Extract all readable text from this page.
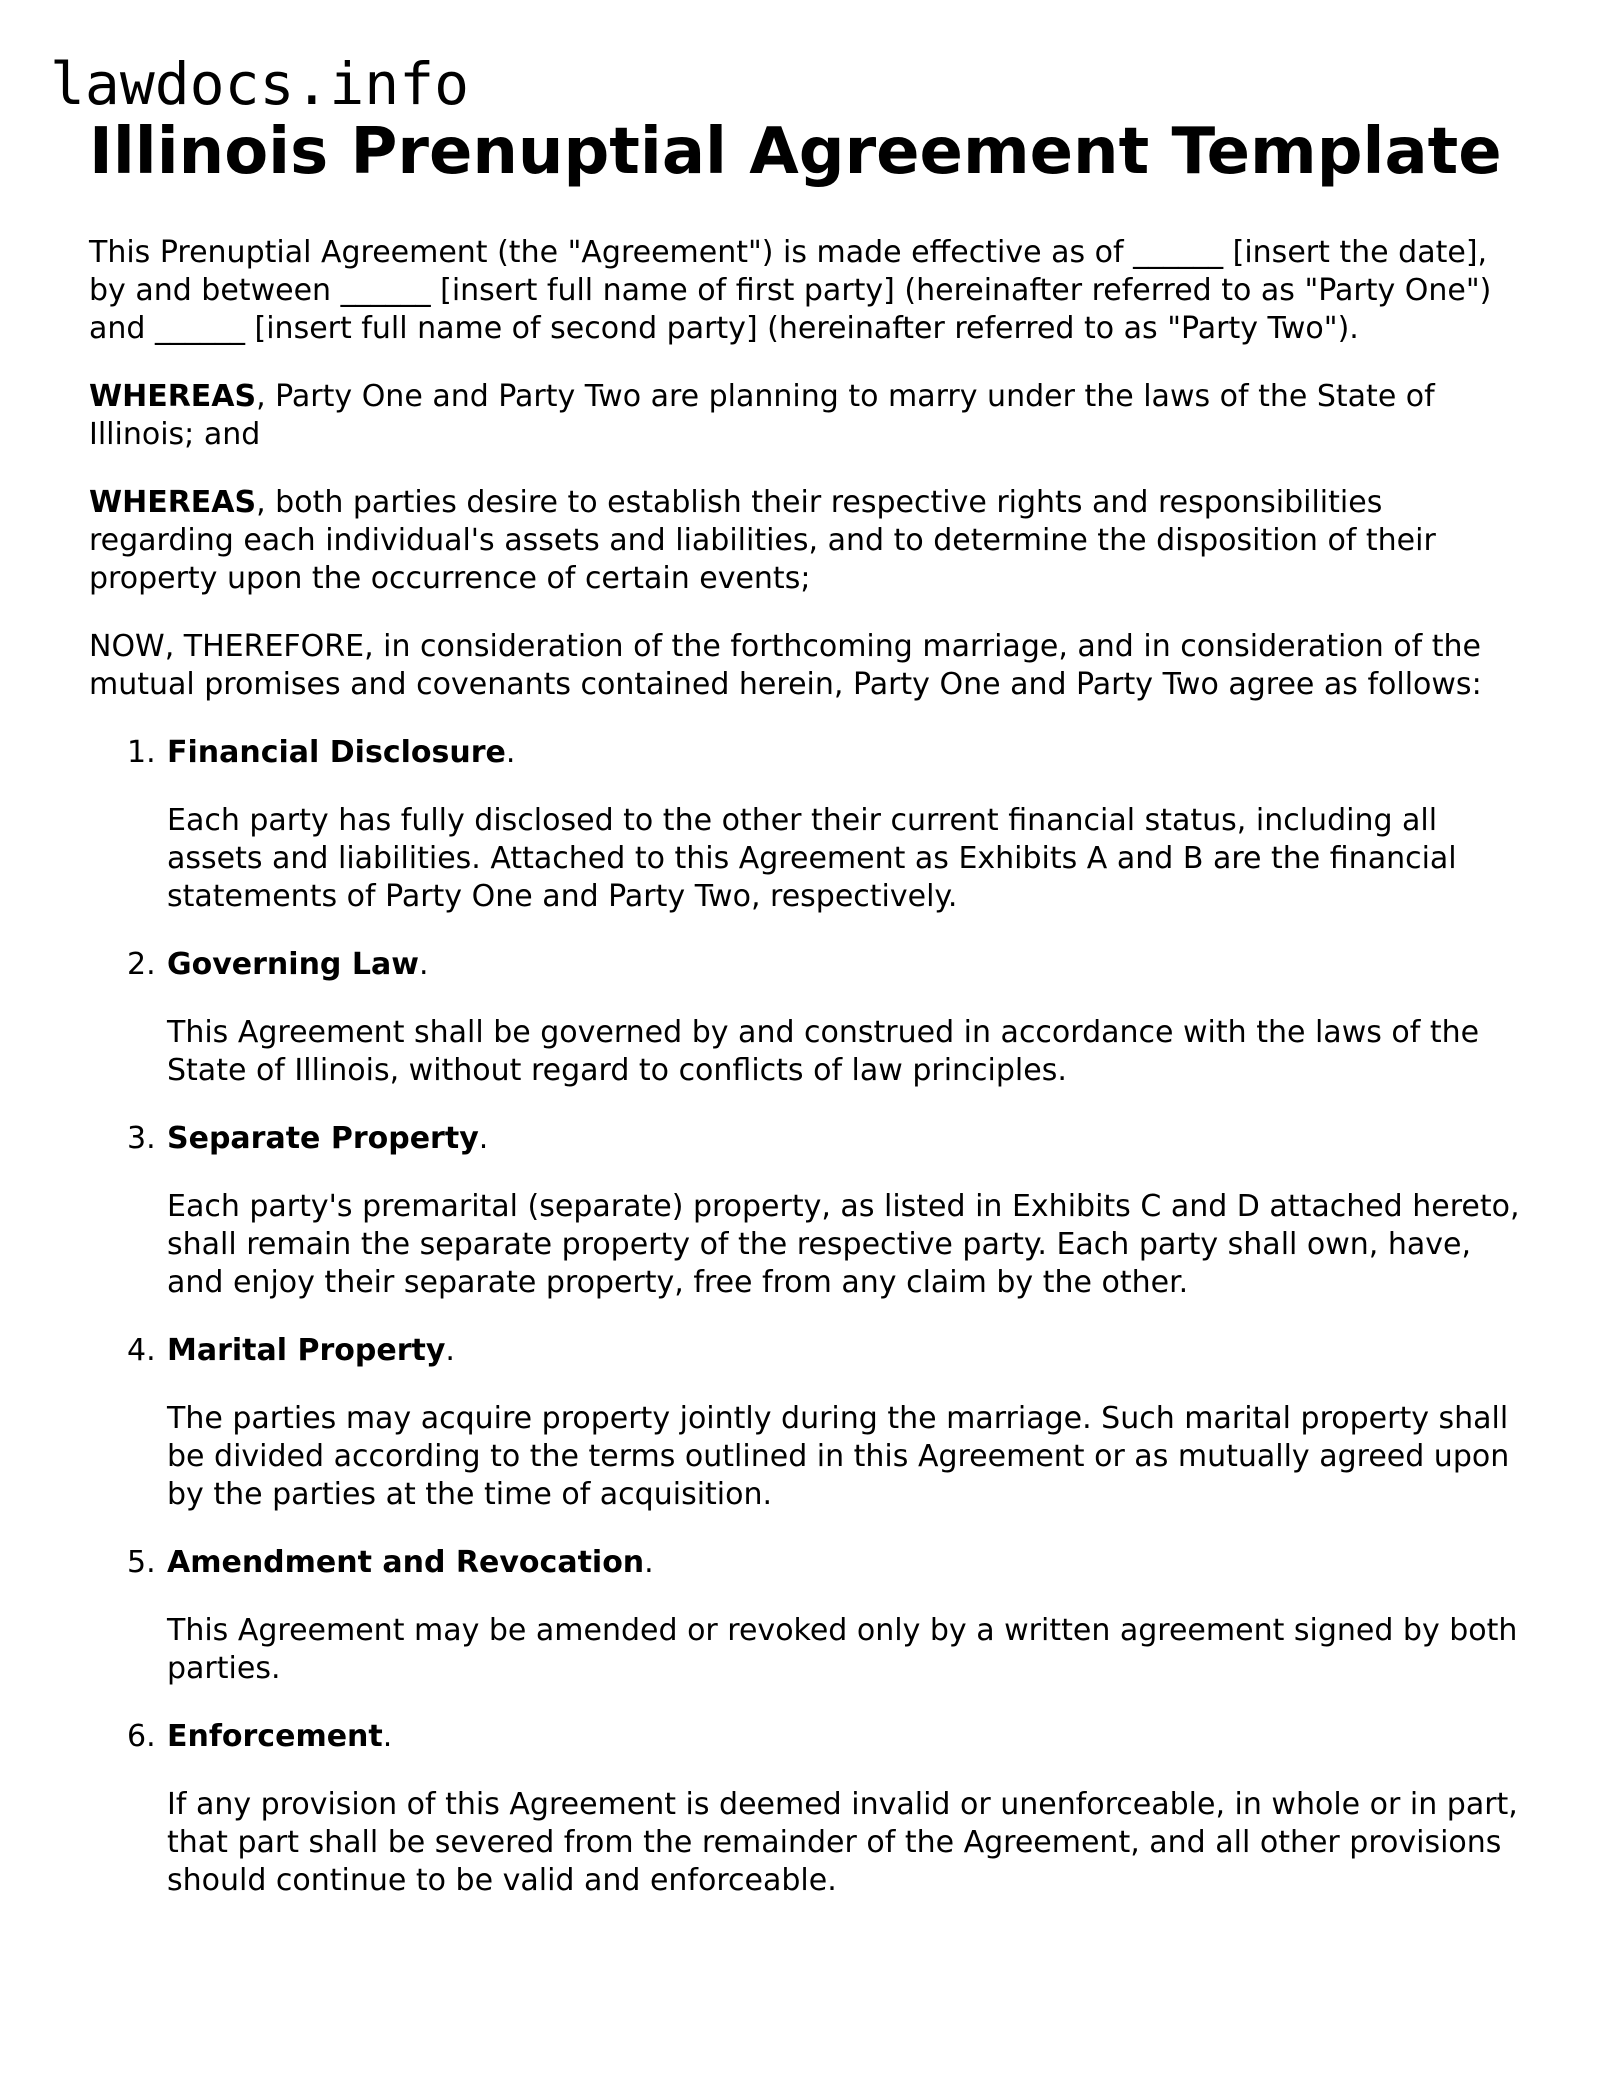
lawdocs.info
Illinois Prenuptial Agreement Template

This Prenuptial Agreement (the "Agreement") is made effective as of ______ [insert the date], by and between ______ [insert full name of first party] (hereinafter referred to as "Party One") and ______ [insert full name of second party] (hereinafter referred to as "Party Two").

WHEREAS, Party One and Party Two are planning to marry under the laws of the State of Illinois; and

WHEREAS, both parties desire to establish their respective rights and responsibilities regarding each individual's assets and liabilities, and to determine the disposition of their property upon the occurrence of certain events;

NOW, THEREFORE, in consideration of the forthcoming marriage, and in consideration of the mutual promises and covenants contained herein, Party One and Party Two agree as follows:

1. Financial Disclosure.

Each party has fully disclosed to the other their current financial status, including all assets and liabilities. Attached to this Agreement as Exhibits A and B are the financial statements of Party One and Party Two, respectively.

2. Governing Law.

This Agreement shall be governed by and construed in accordance with the laws of the State of Illinois, without regard to conflicts of law principles.

3. Separate Property.

Each party's premarital (separate) property, as listed in Exhibits C and D attached hereto, shall remain the separate property of the respective party. Each party shall own, have, and enjoy their separate property, free from any claim by the other.

4. Marital Property.

The parties may acquire property jointly during the marriage. Such marital property shall be divided according to the terms outlined in this Agreement or as mutually agreed upon by the parties at the time of acquisition.

5. Amendment and Revocation.

This Agreement may be amended or revoked only by a written agreement signed by both parties.

6. Enforcement.

If any provision of this Agreement is deemed invalid or unenforceable, in whole or in part, that part shall be severed from the remainder of the Agreement, and all other provisions should continue to be valid and enforceable.
